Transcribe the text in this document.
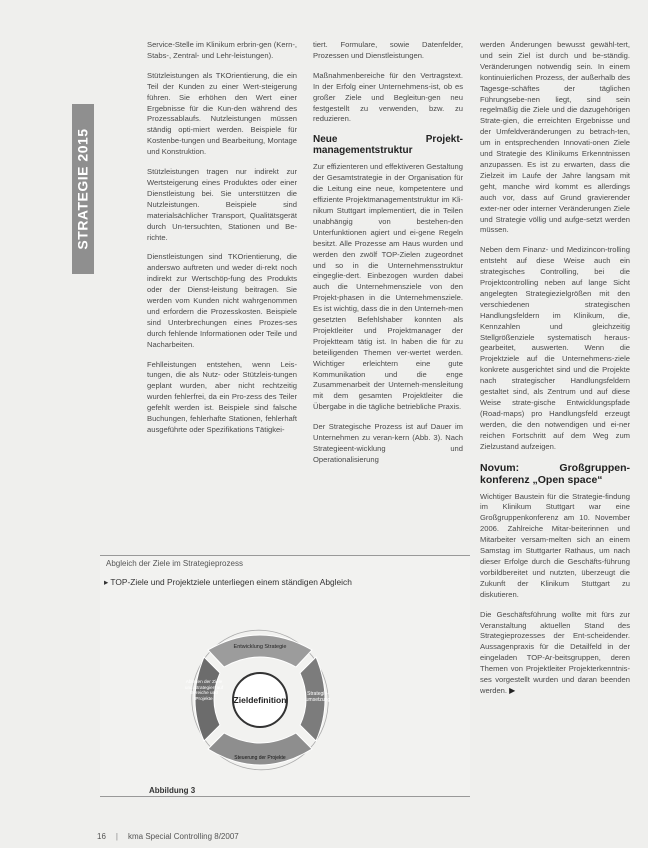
STRATEGIE 2015

Service-Stelle im Klinikum erbrin-gen (Kern-, Stabs-, Zentral- und Lehr-leistungen).

Stützleistungen als TKOrientierung, die ein Teil der Kunden zu einer Wert-steigerung führen. Sie erhöhen den Wert einer Ergebnisse für die Kun-den während des Prozessablaufs. Nutzleistungen müssen ständig opti-miert werden. Beispiele für Kostenbe-tungen und Bearbeitung, Montage und Konstruktion.

Stützleistungen tragen nur indirekt zur Wertsteigerung eines Produktes oder einer Dienstleistung bei. Sie unterstützen die Nutzleistungen. Beispiele sind materialsächlicher Transport, Qualitätsgerät durch Un-tersuchten, Stationen und Be-richte.

Dienstleistungen sind TKOrientierung, die anderswo auftreten und weder di-rekt noch indirekt zur Wertschöp-fung des Produkts oder der Dienst-leistung beitragen. Sie werden vom Kunden nicht wahrgenommen und erfordern die Prozesskosten. Beispiele sind Unterbrechungen eines Prozes-ses durch fehlende Informationen oder Teile und Nacharbeiten.

Fehlleistungen entstehen, wenn Leis-tungen, die als Nutz- oder Stützleis-tungen geplant wurden, aber nicht rechtzeitig wurden fehlerfrei, da ein Pro-zess des Teiler gefehlt werden ist. Beispiele sind falsche Buchungen, fehlerhafte Stationen, fehlerhaft ausgeführte oder Spezifikations Tätigkei-

tiert. Formulare, sowie Datenfelder, Prozessen und Dienstleistungen.

Maßnahmenbereiche für den Vertragstext. In der Erfolg einer Unternehmens-ist, ob es großer Ziele und Begleitun-gen neu festgestellt zu verwenden, bzw. zu reduzieren.

Neue Projekt-managementstruktur

Zur effizienteren und effektiveren Gestaltung der Gesamtstrategie in der Organisation für die Leitung eine neue, kompetentere und effiziente Projektmanagementstruktur im Kli-nikum Stuttgart implementiert, die in Teilen unabhängig von bestehen-den Unterfunktionen agiert und ei-gene Regeln besitzt. Alle Prozesse am Haus wurden und werden den zwölf TOP-Zielen zugeordnet und so in die Unternehmensstruktur eingeglie-dert. Einbezogen wurden dabei auch die Unternehmensziele von den Projekt-phasen in die Unternehmensziele. Es ist wichtig, dass die in den Unterneh-men gesetzten Befehlshaber konnten als Projektleiter und Projektmanager der Projektteam tätig ist. In haben die für zu beteiligenden Themen ver-wertet werden. Wichtiger erleichtern eine gute Kommunikation und die enge Zusammenarbeit der Unterneh-mensleitung mit dem gesamten Projektleiter die Übergabe in die tägliche betriebliche Praxis.

Der Strategische Prozess ist auf Dauer im Unternehmen zu veran-kern (Abb. 3). Nach Strategieent-wicklung und Operationalisierung

werden Änderungen bewusst gewähl-tert, und sein Ziel ist durch und be-ständig. Veränderungen notwendig sein. In einem kontinuierlichen Prozess, der außerhalb des Tagesge-schäftes der täglichen Führungsebe-nen liegt, sind sein regelmäßig die Ziele und die dazugehörigen Strate-gien, die erreichten Ergebnisse und der Umfeldveränderungen zu betrach-ten, um in entsprechenden Innovati-onen Ziele und Strategie des Klinikums Erkenntnissen anzupassen. Es ist zu erwarten, dass die Zielzeit im Laufe der Jahre langsam mit geht, manche wird kommt es allerdings auch vor, dass auf Grund gravierender exter-ner oder interner Veränderungen Ziele und Strategie völlig und aufge-setzt werden müssen.

Neben dem Finanz- und Medizincon-trolling entsteht auf diese Weise auch ein strategisches Controlling, bei die Projektcontrolling neben auf lange Sicht angelegten Strategiezielgrößen mit den verschiedenen strategischen Handlungsfeldern im Klinikum, die, Kennzahlen und gleichzeitig Stellgrößenziele systematisch heraus-gearbeitet, auswerten. Wenn die Projektziele auf die Unternehmens-ziele konkrete ausgerichtet sind und die Projekte nach strategischer Handlungsfeldern gestaltet sind, als Zentrum und auf diese Weise strate-gische Entwicklungspfade (Road-maps) pro Handlungsfeld erzeugt werden, die den notwendigen und ei-ner reichen Fortschritt auf dem Weg zum Zielzustand aufzeigen.

Novum: Großgruppen-konferenz „Open space“

Wichtiger Baustein für die Strategie-findung im Klinikum Stuttgart war eine Großgruppenkonferenz am 10. November 2006. Zahlreiche Mitar-beiterinnen und Mitarbeiter versam-melten sich an einem Samstag im Stuttgarter Rathaus, um nach dieser Erfolge durch die Geschäfts-führung vorbildbereitet und nutzten, überzeugt die Zukunft der Klinikum Stuttgart zu diskutieren.

Die Geschäftsführung wollte mit fürs zur Veranstaltung aktuellen Stand des Strategieprozesses der Ent-scheidender. Aussagenpraxis für die Detailfeld in der eingeladen TOP-Ar-beitsgruppen, deren Themen von Projektleiter Projekterkenntnis-ses vorgestellt wurden und daran beenden werden. ▶

Abgleich der Ziele im Strategieprozess
▸ TOP-Ziele und Projektziele unterliegen einem ständigen Abgleich
Zieldefinition
Entwicklung Strategie
Ableiten der Ziele und Strategien auf Bereiche und Projekte
Strategie-umsetzung
Steuerung der Projekte
Abbildung 3
16 | kma Special Controlling 8/2007
